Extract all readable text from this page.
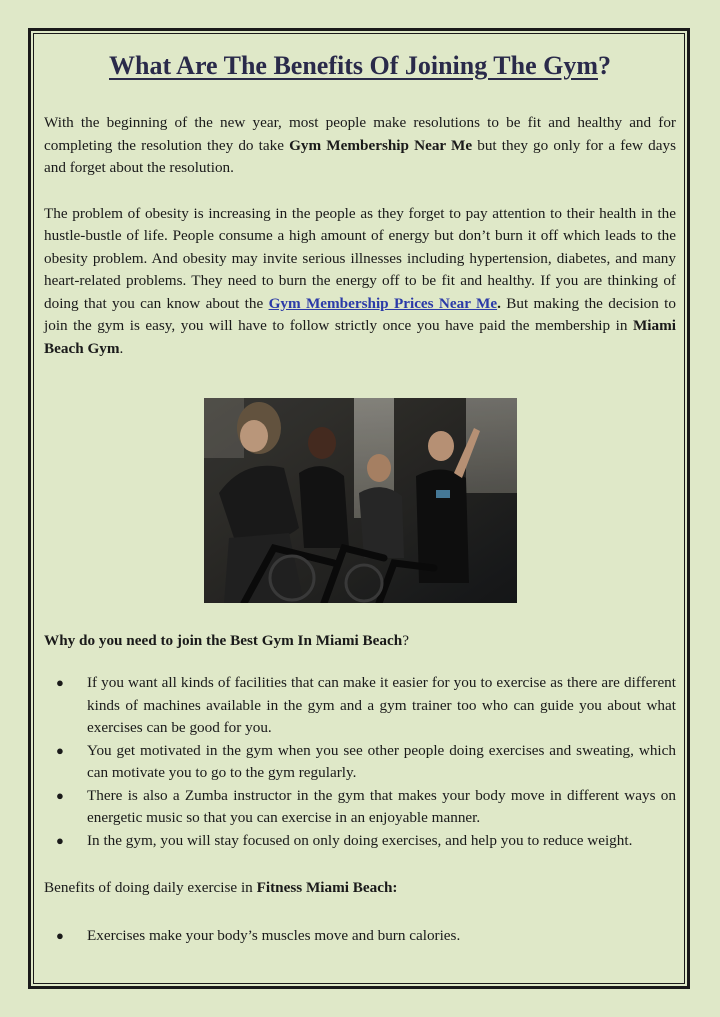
What Are The Benefits Of Joining The Gym?

With the beginning of the new year, most people make resolutions to be fit and healthy and for completing the resolution they do take Gym Membership Near Me but they go only for a few days and forget about the resolution.

The problem of obesity is increasing in the people as they forget to pay attention to their health in the hustle-bustle of life. People consume a high amount of energy but don’t burn it off which leads to the obesity problem. And obesity may invite serious illnesses including hypertension, diabetes, and many heart-related problems. They need to burn the energy off to be fit and healthy. If you are thinking of doing that you can know about the Gym Membership Prices Near Me. But making the decision to join the gym is easy, you will have to follow strictly once you have paid the membership in Miami Beach Gym.

Why do you need to join the Best Gym In Miami Beach?
● If you want all kinds of facilities that can make it easier for you to exercise as there are different kinds of machines available in the gym and a gym trainer too who can guide you about what exercises can be good for you.
● You get motivated in the gym when you see other people doing exercises and sweating, which can motivate you to go to the gym regularly.
● There is also a Zumba instructor in the gym that makes your body move in different ways on energetic music so that you can exercise in an enjoyable manner.
● In the gym, you will stay focused on only doing exercises, and help you to reduce weight.

Benefits of doing daily exercise in Fitness Miami Beach:

● Exercises make your body’s muscles move and burn calories.
